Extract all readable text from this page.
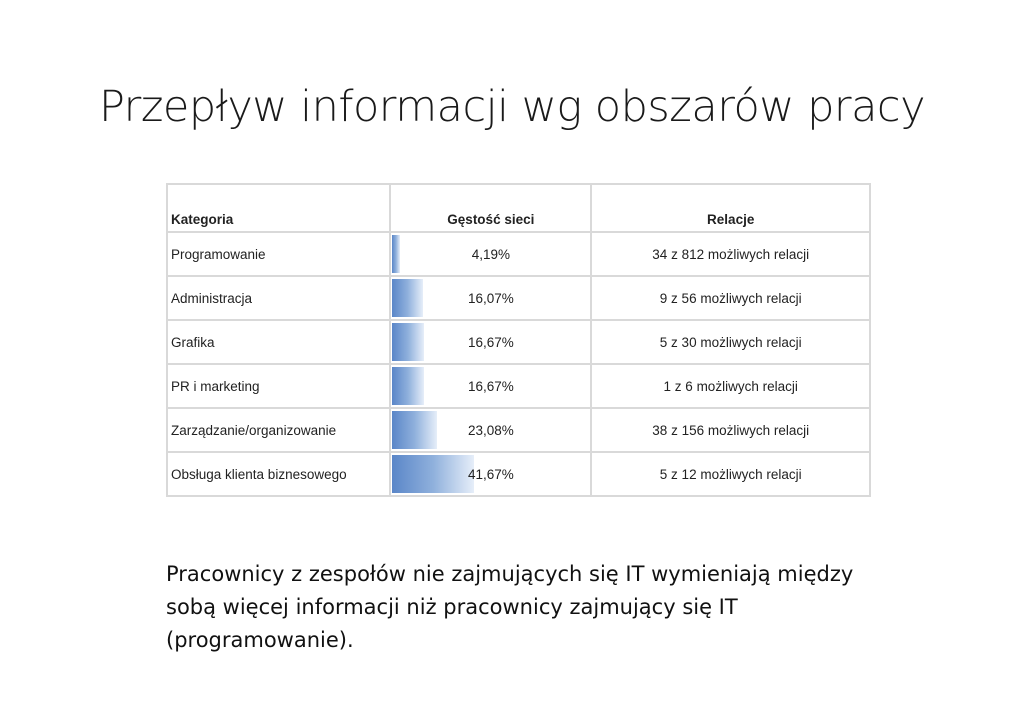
Przepływ informacji wg obszarów pracy
Kategoria	Gęstość sieci	Relacje
Programowanie	4,19%	34 z 812 możliwych relacji
Administracja	16,07%	9 z 56 możliwych relacji
Grafika	16,67%	5 z 30 możliwych relacji
PR i marketing	16,67%	1 z 6 możliwych relacji
Zarządzanie/organizowanie	23,08%	38 z 156 możliwych relacji
Obsługa klienta biznesowego	41,67%	5 z 12 możliwych relacji
Pracownicy z zespołów nie zajmujących się IT wymieniają między sobą więcej informacji niż pracownicy zajmujący się IT (programowanie).
